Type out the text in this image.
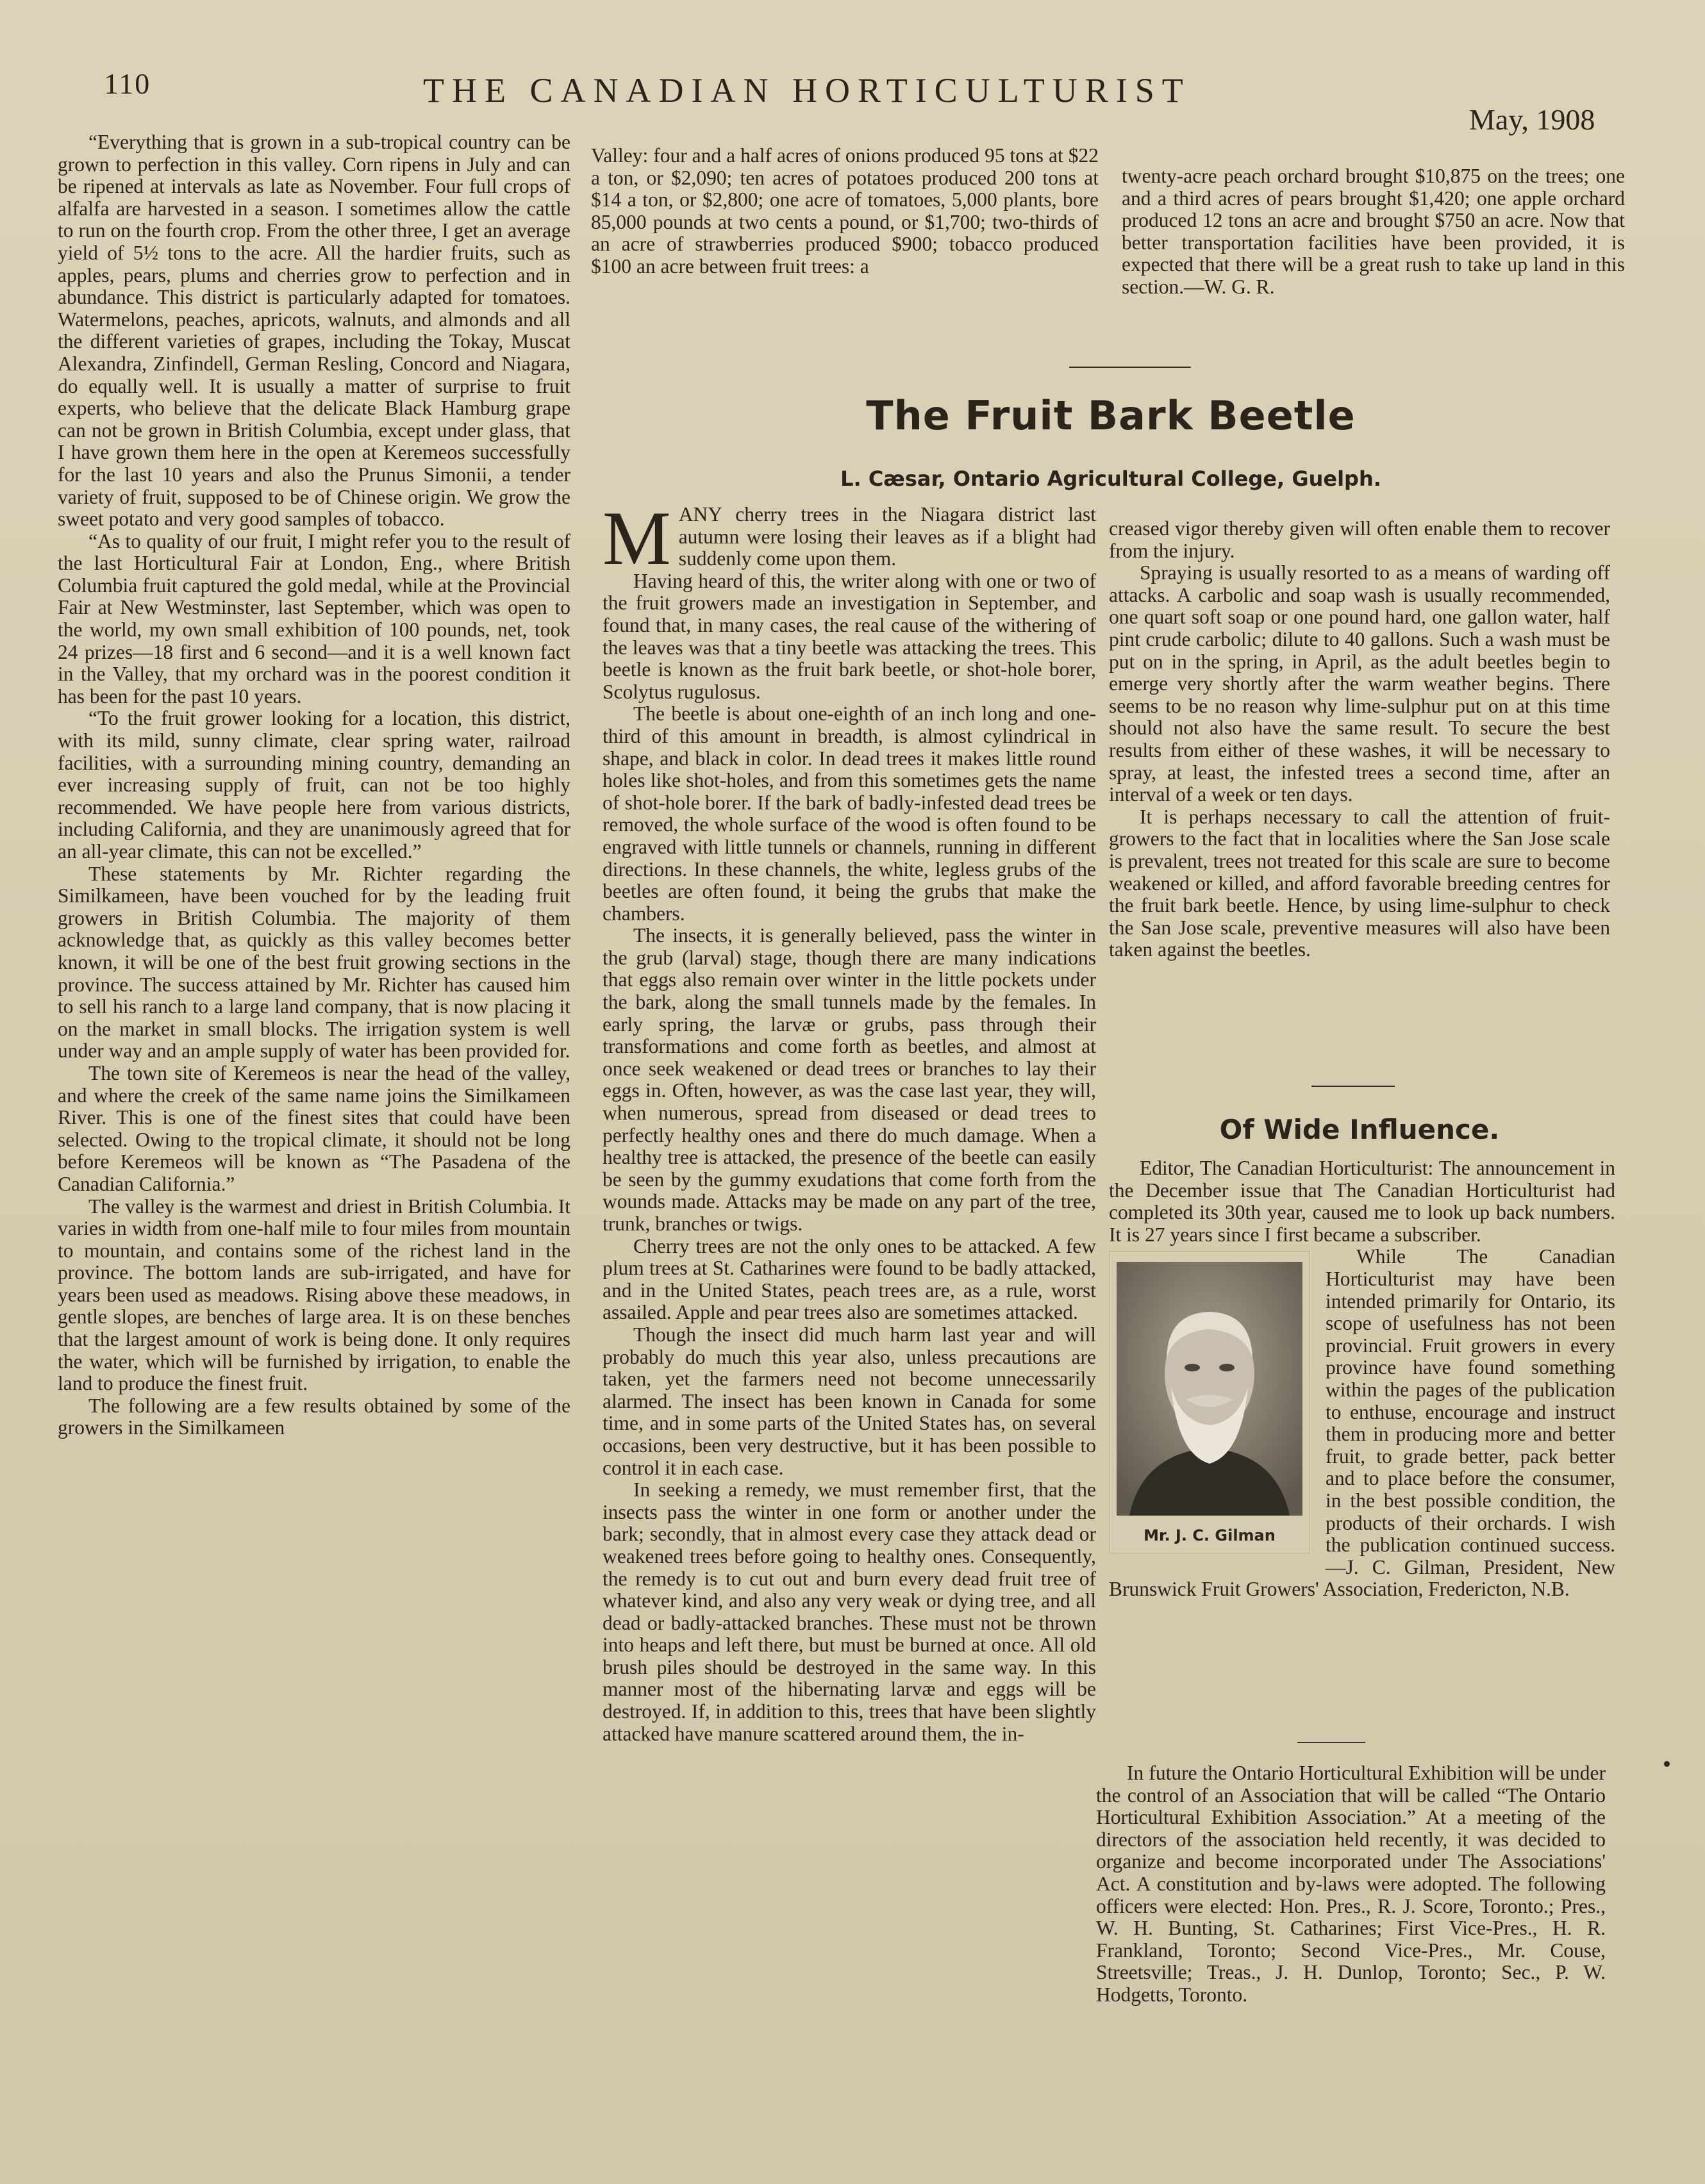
110	THE CANADIAN HORTICULTURIST
May, 1908

“Everything that is grown in a sub-tropical country can be grown to perfection in this valley. Corn ripens in July and can be ripened at intervals as late as November. Four full crops of alfalfa are harvested in a season. I sometimes allow the cattle to run on the fourth crop. From the other three, I get an average yield of 5½ tons to the acre. All the hardier fruits, such as apples, pears, plums and cherries grow to perfection and in abundance. This district is particularly adapted for tomatoes. Watermelons, peaches, apricots, walnuts, and almonds and all the different varieties of grapes, including the Tokay, Muscat Alexandra, Zinfindell, German Resling, Concord and Niagara, do equally well. It is usually a matter of surprise to fruit experts, who believe that the delicate Black Hamburg grape can not be grown in British Columbia, except under glass, that I have grown them here in the open at Keremeos successfully for the last 10 years and also the Prunus Simonii, a tender variety of fruit, supposed to be of Chinese origin. We grow the sweet potato and very good samples of tobacco.

“As to quality of our fruit, I might refer you to the result of the last Horticultural Fair at London, Eng., where British Columbia fruit captured the gold medal, while at the Provincial Fair at New Westminster, last September, which was open to the world, my own small exhibition of 100 pounds, net, took 24 prizes—18 first and 6 second—and it is a well known fact in the Valley, that my orchard was in the poorest condition it has been for the past 10 years.

“To the fruit grower looking for a location, this district, with its mild, sunny climate, clear spring water, railroad facilities, with a surrounding mining country, demanding an ever increasing supply of fruit, can not be too highly recommended. We have people here from various districts, including California, and they are unanimously agreed that for an all-year climate, this can not be excelled.”

These statements by Mr. Richter regarding the Similkameen, have been vouched for by the leading fruit growers in British Columbia. The majority of them acknowledge that, as quickly as this valley becomes better known, it will be one of the best fruit growing sections in the province. The success attained by Mr. Richter has caused him to sell his ranch to a large land company, that is now placing it on the market in small blocks. The irrigation system is well under way and an ample supply of water has been provided for.

The town site of Keremeos is near the head of the valley, and where the creek of the same name joins the Similkameen River. This is one of the finest sites that could have been selected. Owing to the tropical climate, it should not be long before Keremeos will be known as “The Pasadena of the Canadian California.”

The valley is the warmest and driest in British Columbia. It varies in width from one-half mile to four miles from mountain to mountain, and contains some of the richest land in the province. The bottom lands are sub-irrigated, and have for years been used as meadows. Rising above these meadows, in gentle slopes, are benches of large area. It is on these benches that the largest amount of work is being done. It only requires the water, which will be furnished by irrigation, to enable the land to produce the finest fruit.

The following are a few results obtained by some of the growers in the Similkameen

Valley: four and a half acres of onions produced 95 tons at $22 a ton, or $2,090; ten acres of potatoes produced 200 tons at $14 a ton, or $2,800; one acre of tomatoes, 5,000 plants, bore 85,000 pounds at two cents a pound, or $1,700; two-thirds of an acre of strawberries produced $900; tobacco produced $100 an acre between fruit trees: a

twenty-acre peach orchard brought $10,875 on the trees; one and a third acres of pears brought $1,420; one apple orchard produced 12 tons an acre and brought $750 an acre. Now that better transportation facilities have been provided, it is expected that there will be a great rush to take up land in this section.—W. G. R.

The Fruit Bark Beetle
L. Cæsar, Ontario Agricultural College, Guelph.

MANY cherry trees in the Niagara district last autumn were losing their leaves as if a blight had suddenly come upon them.

Having heard of this, the writer along with one or two of the fruit growers made an investigation in September, and found that, in many cases, the real cause of the withering of the leaves was that a tiny beetle was attacking the trees. This beetle is known as the fruit bark beetle, or shot-hole borer, Scolytus rugulosus.

The beetle is about one-eighth of an inch long and one-third of this amount in breadth, is almost cylindrical in shape, and black in color. In dead trees it makes little round holes like shot-holes, and from this sometimes gets the name of shot-hole borer. If the bark of badly-infested dead trees be removed, the whole surface of the wood is often found to be engraved with little tunnels or channels, running in different directions. In these channels, the white, legless grubs of the beetles are often found, it being the grubs that make the chambers.

The insects, it is generally believed, pass the winter in the grub (larval) stage, though there are many indications that eggs also remain over winter in the little pockets under the bark, along the small tunnels made by the females. In early spring, the larvæ or grubs, pass through their transformations and come forth as beetles, and almost at once seek weakened or dead trees or branches to lay their eggs in. Often, however, as was the case last year, they will, when numerous, spread from diseased or dead trees to perfectly healthy ones and there do much damage. When a healthy tree is attacked, the presence of the beetle can easily be seen by the gummy exudations that come forth from the wounds made. Attacks may be made on any part of the tree, trunk, branches or twigs.

Cherry trees are not the only ones to be attacked. A few plum trees at St. Catharines were found to be badly attacked, and in the United States, peach trees are, as a rule, worst assailed. Apple and pear trees also are sometimes attacked.

Though the insect did much harm last year and will probably do much this year also, unless precautions are taken, yet the farmers need not become unnecessarily alarmed. The insect has been known in Canada for some time, and in some parts of the United States has, on several occasions, been very destructive, but it has been possible to control it in each case.

In seeking a remedy, we must remember first, that the insects pass the winter in one form or another under the bark; secondly, that in almost every case they attack dead or weakened trees before going to healthy ones. Consequently, the remedy is to cut out and burn every dead fruit tree of whatever kind, and also any very weak or dying tree, and all dead or badly-attacked branches. These must not be thrown into heaps and left there, but must be burned at once. All old brush piles should be destroyed in the same way. In this manner most of the hibernating larvæ and eggs will be destroyed. If, in addition to this, trees that have been slightly attacked have manure scattered around them, the in-

creased vigor thereby given will often enable them to recover from the injury.

Spraying is usually resorted to as a means of warding off attacks. A carbolic and soap wash is usually recommended, one quart soft soap or one pound hard, one gallon water, half pint crude carbolic; dilute to 40 gallons. Such a wash must be put on in the spring, in April, as the adult beetles begin to emerge very shortly after the warm weather begins. There seems to be no reason why lime-sulphur put on at this time should not also have the same result. To secure the best results from either of these washes, it will be necessary to spray, at least, the infested trees a second time, after an interval of a week or ten days.

It is perhaps necessary to call the attention of fruit-growers to the fact that in localities where the San Jose scale is prevalent, trees not treated for this scale are sure to become weakened or killed, and afford favorable breeding centres for the fruit bark beetle. Hence, by using lime-sulphur to check the San Jose scale, preventive measures will also have been taken against the beetles.

Of Wide Influence.

Editor, The Canadian Horticulturist: The announcement in the December issue that The Canadian Horticulturist had completed its 30th year, caused me to look up back numbers. It is 27 years since I first became a subscriber.

Mr. J. C. Gilman

While The Canadian Horticulturist may have been intended primarily for Ontario, its scope of usefulness has not been provincial. Fruit growers in every province have found something within the pages of the publication to enthuse, encourage and instruct them in producing more and better fruit, to grade better, pack better and to place before the consumer, in the best possible condition, the products of their orchards. I wish the publication continued success.—J. C. Gilman, President, New Brunswick Fruit Growers' Association, Fredericton, N.B.

In future the Ontario Horticultural Exhibition will be under the control of an Association that will be called “The Ontario Horticultural Exhibition Association.” At a meeting of the directors of the association held recently, it was decided to organize and become incorporated under The Associations' Act. A constitution and by-laws were adopted. The following officers were elected: Hon. Pres., R. J. Score, Toronto.; Pres., W. H. Bunting, St. Catharines; First Vice-Pres., H. R. Frankland, Toronto; Second Vice-Pres., Mr. Couse, Streetsville; Treas., J. H. Dunlop, Toronto; Sec., P. W. Hodgetts, Toronto.
